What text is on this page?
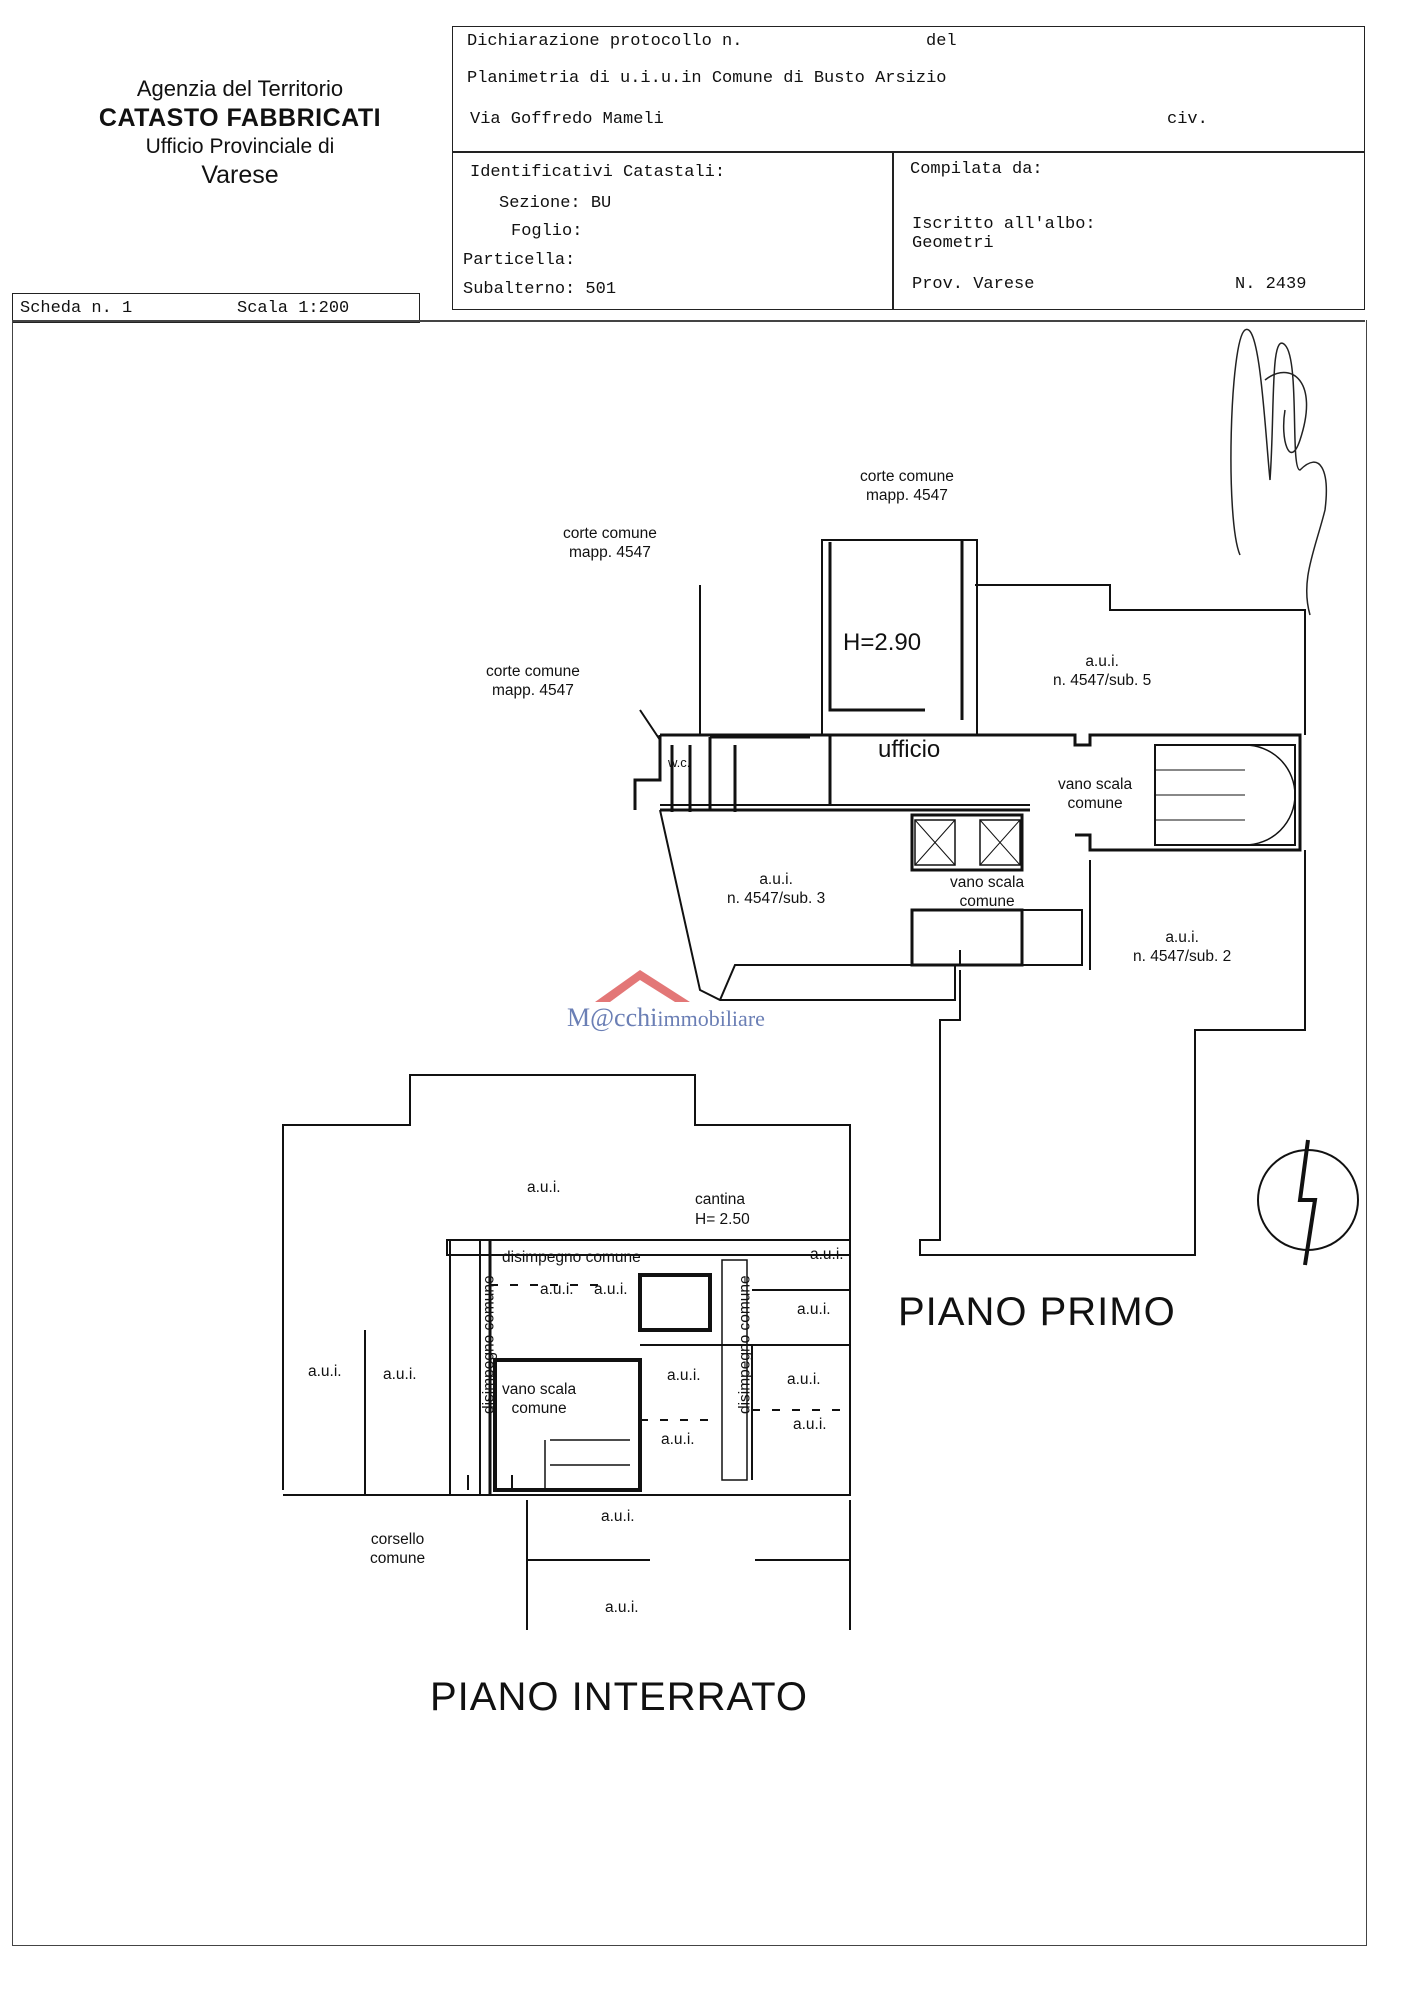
Agenzia del Territorio
CATASTO FABBRICATI
Ufficio Provinciale di
Varese
Scheda n. 1	Scala 1:200
Dichiarazione protocollo n.	del
Planimetria di u.i.u.in Comune di Busto Arsizio
Via Goffredo Mameli	civ.
Identificativi Catastali:
Sezione: BU
Foglio:
Particella:
Subalterno: 501
Compilata da:
Iscritto all'albo:
Geometri
Prov. Varese	N. 2439
M@cchiimmobiliare
corte comune
mapp. 4547
corte comune
mapp. 4547
corte comune
mapp. 4547
H=2.90
ufficio
w.c.
a.u.i.
n. 4547/sub. 5
a.u.i.
n. 4547/sub. 3
a.u.i.
n. 4547/sub. 2
vano scala
comune
vano scala
comune
PIANO PRIMO
cantina
H= 2.50
disimpegno comune
disimpegno comune	disimpegno comune
vano scala
comune
corsello
comune
a.u.i.
a.u.i.	a.u.i.
a.u.i. a.u.i.
a.u.i.
a.u.i.
a.u.i.	a.u.i.
a.u.i.
a.u.i.
a.u.i.
a.u.i.
PIANO INTERRATO
